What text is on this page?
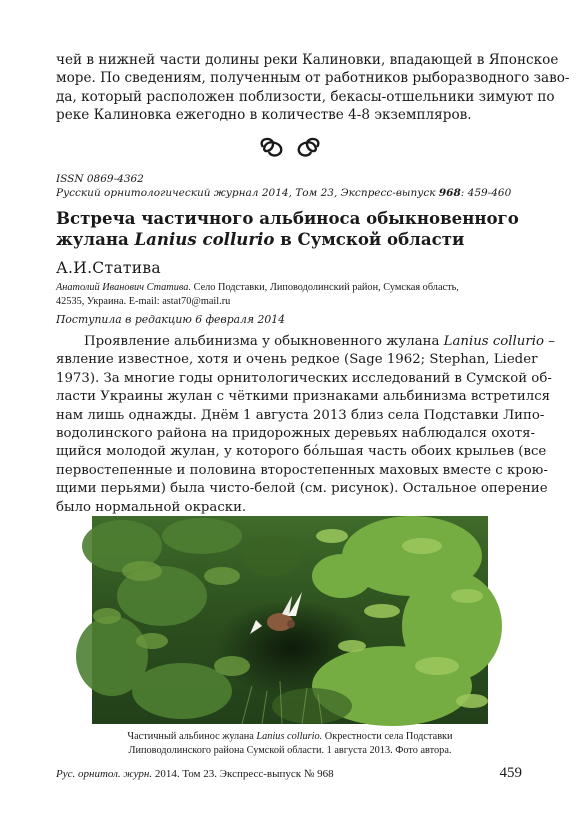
чей в нижней части долины реки Калиновки, впадающей в Японское
море. По сведениям, полученным от работников рыборазводного заво-
да, который расположен поблизости, бекасы-отшельники зимуют по
реке Калиновка ежегодно в количестве 4-8 экземпляров.
ISSN 0869-4362
Русский орнитологический журнал 2014, Том 23, Экспресс-выпуск 968: 459-460
Встреча частичного альбиноса обыкновенного
жулана Lanius collurio в Сумской области
А.И.Статива
Анатолий Иванович Статива. Село Подставки, Липоводолинский район, Сумская область,
42535, Украина. E-mail: astat70@mail.ru
Поступила в редакцию 6 февраля 2014
Проявление альбинизма у обыкновенного жулана Lanius collurio –
явление известное, хотя и очень редкое (Sage 1962; Stephan, Lieder
1973). За многие годы орнитологических исследований в Сумской об-
ласти Украины жулан с чёткими признаками альбинизма встретился
нам лишь однажды. Днём 1 августа 2013 близ села Подставки Липо-
водолинского района на придорожных деревьях наблюдался охотя-
щийся молодой жулан, у которого бóльшая часть обоих крыльев (все
первостепенные и половина второстепенных маховых вместе с крою-
щими перьями) была чисто-белой (см. рисунок). Остальное оперение
было нормальной окраски.
Частичный альбинос жулана Lanius collurio. Окрестности села Подставки
Липоводолинского района Сумской области. 1 августа 2013. Фото автора.
Рус. орнитол. журн. 2014. Том 23. Экспресс-выпуск № 968	459
